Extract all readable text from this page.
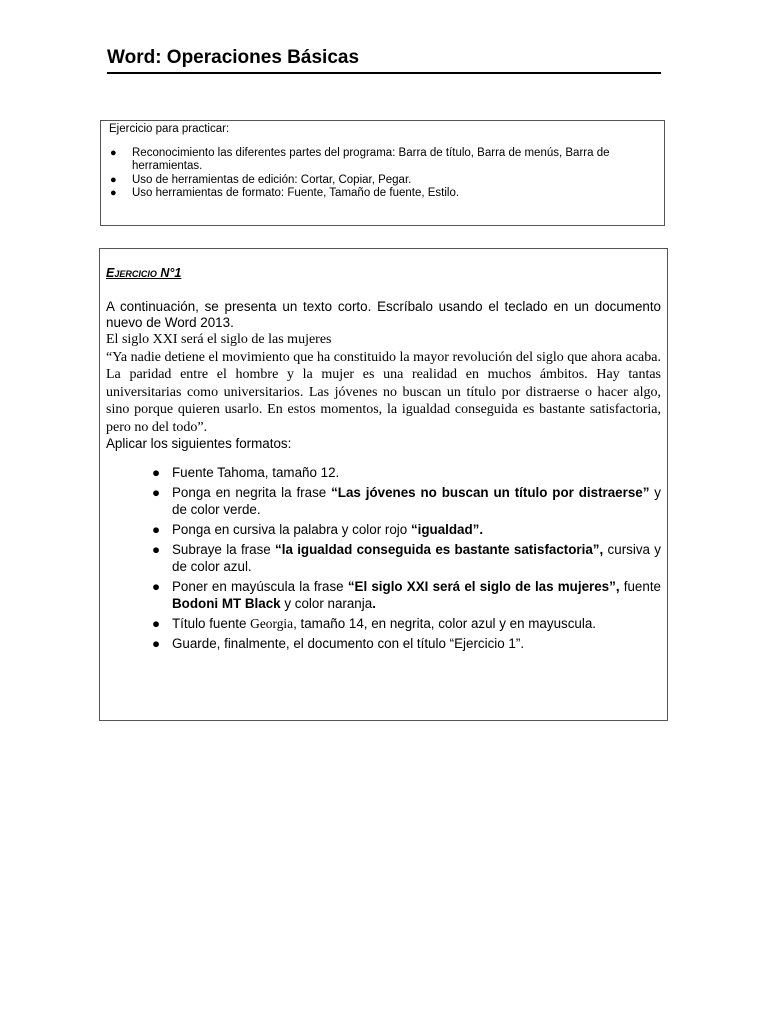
Word: Operaciones Básicas
Ejercicio para practicar:
● Reconocimiento las diferentes partes del programa: Barra de título, Barra de menús, Barra de herramientas.
● Uso de herramientas de edición: Cortar, Copiar, Pegar.
● Uso herramientas de formato: Fuente, Tamaño de fuente, Estilo.
Ejercicio N°1
A continuación, se presenta un texto corto. Escríbalo usando el teclado en un documento nuevo de Word 2013.
El siglo XXI será el siglo de las mujeres
“Ya nadie detiene el movimiento que ha constituido la mayor revolución del siglo que ahora acaba. La paridad entre el hombre y la mujer es una realidad en muchos ámbitos. Hay tantas universitarias como universitarios. Las jóvenes no buscan un título por distraerse o hacer algo, sino porque quieren usarlo. En estos momentos, la igualdad conseguida es bastante satisfactoria, pero no del todo”.
Aplicar los siguientes formatos:
● Fuente Tahoma, tamaño 12.
● Ponga en negrita la frase “Las jóvenes no buscan un título por distraerse” y de color verde.
● Ponga en cursiva la palabra y color rojo “igualdad”.
● Subraye la frase “la igualdad conseguida es bastante satisfactoria”, cursiva y de color azul.
● Poner en mayúscula la frase “El siglo XXI será el siglo de las mujeres”, fuente Bodoni MT Black y color naranja.
● Título fuente Georgia, tamaño 14, en negrita, color azul y en mayuscula.
● Guarde, finalmente, el documento con el título “Ejercicio 1”.
